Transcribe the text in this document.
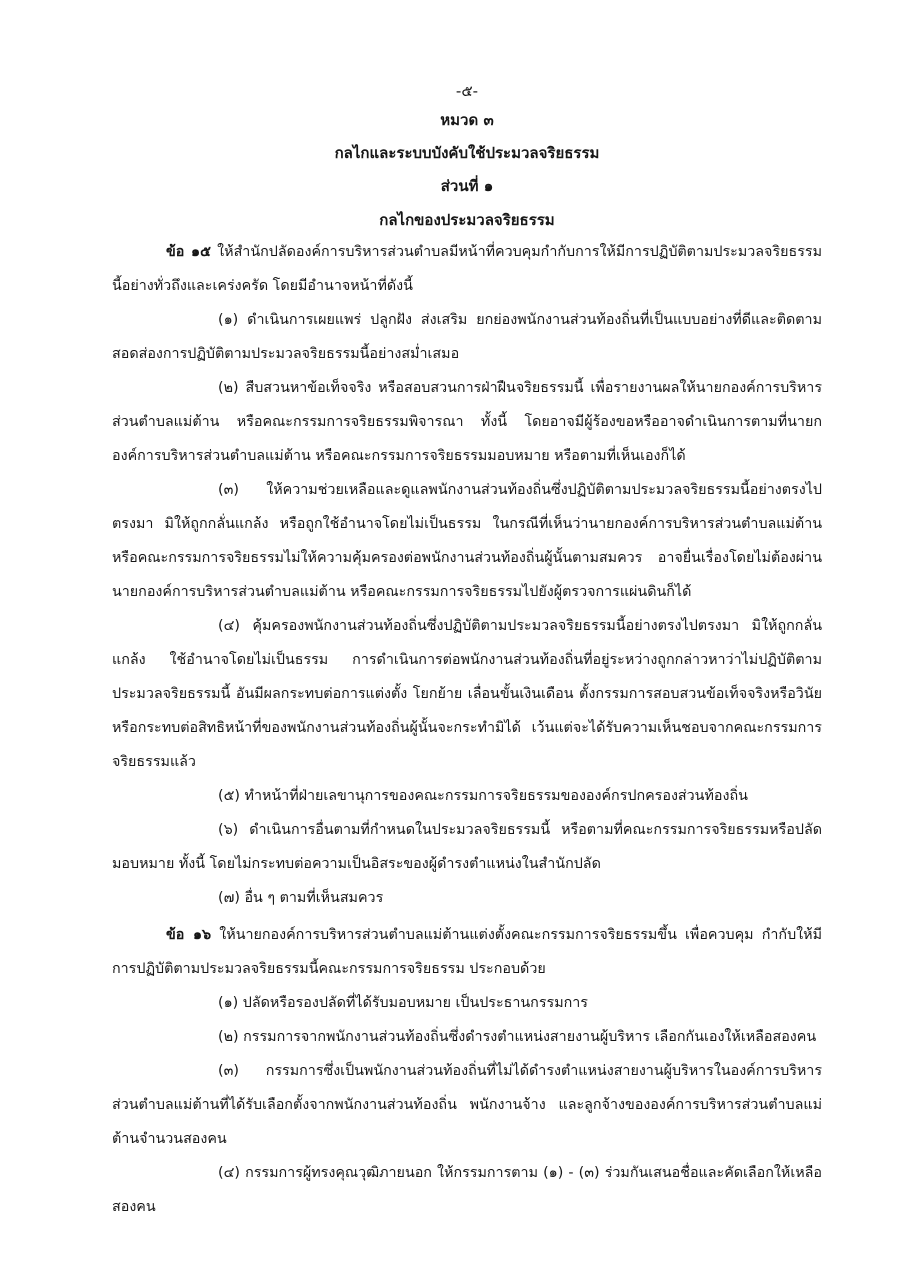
-๕-
หมวด ๓
กลไกและระบบบังคับใช้ประมวลจริยธรรม
ส่วนที่ ๑
กลไกของประมวลจริยธรรม

ข้อ ๑๕ ให้สำนักปลัดองค์การบริหารส่วนตำบลมีหน้าที่ควบคุมกำกับการให้มีการปฏิบัติตามประมวลจริยธรรมนี้อย่างทั่วถึงและเคร่งครัด โดยมีอำนาจหน้าที่ดังนี้

(๑) ดำเนินการเผยแพร่ ปลูกฝัง ส่งเสริม ยกย่องพนักงานส่วนท้องถิ่นที่เป็นแบบอย่างที่ดีและติดตามสอดส่องการปฏิบัติตามประมวลจริยธรรมนี้อย่างสม่ำเสมอ

(๒) สืบสวนหาข้อเท็จจริง หรือสอบสวนการฝ่าฝืนจริยธรรมนี้ เพื่อรายงานผลให้นายกองค์การบริหารส่วนตำบลแม่ต้าน หรือคณะกรรมการจริยธรรมพิจารณา ทั้งนี้ โดยอาจมีผู้ร้องขอหรืออาจดำเนินการตามที่นายกองค์การบริหารส่วนตำบลแม่ต้าน หรือคณะกรรมการจริยธรรมมอบหมาย หรือตามที่เห็นเองก็ได้

(๓) ให้ความช่วยเหลือและดูแลพนักงานส่วนท้องถิ่นซึ่งปฏิบัติตามประมวลจริยธรรมนี้อย่างตรงไปตรงมา มิให้ถูกกลั่นแกล้ง หรือถูกใช้อำนาจโดยไม่เป็นธรรม ในกรณีที่เห็นว่านายกองค์การบริหารส่วนตำบลแม่ต้าน หรือคณะกรรมการจริยธรรมไม่ให้ความคุ้มครองต่อพนักงานส่วนท้องถิ่นผู้นั้นตามสมควร อาจยื่นเรื่องโดยไม่ต้องผ่านนายกองค์การบริหารส่วนตำบลแม่ต้าน หรือคณะกรรมการจริยธรรมไปยังผู้ตรวจการแผ่นดินก็ได้

(๔) คุ้มครองพนักงานส่วนท้องถิ่นซึ่งปฏิบัติตามประมวลจริยธรรมนี้อย่างตรงไปตรงมา มิให้ถูกกลั่นแกล้ง ใช้อำนาจโดยไม่เป็นธรรม การดำเนินการต่อพนักงานส่วนท้องถิ่นที่อยู่ระหว่างถูกกล่าวหาว่าไม่ปฏิบัติตามประมวลจริยธรรมนี้ อันมีผลกระทบต่อการแต่งตั้ง โยกย้าย เลื่อนขั้นเงินเดือน ตั้งกรรมการสอบสวนข้อเท็จจริงหรือวินัย หรือกระทบต่อสิทธิหน้าที่ของพนักงานส่วนท้องถิ่นผู้นั้นจะกระทำมิได้ เว้นแต่จะได้รับความเห็นชอบจากคณะกรรมการจริยธรรมแล้ว

(๕) ทำหน้าที่ฝ่ายเลขานุการของคณะกรรมการจริยธรรมขององค์กรปกครองส่วนท้องถิ่น

(๖) ดำเนินการอื่นตามที่กำหนดในประมวลจริยธรรมนี้ หรือตามที่คณะกรรมการจริยธรรมหรือปลัดมอบหมาย ทั้งนี้ โดยไม่กระทบต่อความเป็นอิสระของผู้ดำรงตำแหน่งในสำนักปลัด

(๗) อื่น ๆ ตามที่เห็นสมควร

ข้อ ๑๖ ให้นายกองค์การบริหารส่วนตำบลแม่ต้านแต่งตั้งคณะกรรมการจริยธรรมขึ้น เพื่อควบคุม กำกับให้มีการปฏิบัติตามประมวลจริยธรรมนี้คณะกรรมการจริยธรรม ประกอบด้วย

(๑) ปลัดหรือรองปลัดที่ได้รับมอบหมาย เป็นประธานกรรมการ

(๒) กรรมการจากพนักงานส่วนท้องถิ่นซึ่งดำรงตำแหน่งสายงานผู้บริหาร เลือกกันเองให้เหลือสองคน

(๓) กรรมการซึ่งเป็นพนักงานส่วนท้องถิ่นที่ไม่ได้ดำรงตำแหน่งสายงานผู้บริหารในองค์การบริหารส่วนตำบลแม่ต้านที่ได้รับเลือกตั้งจากพนักงานส่วนท้องถิ่น พนักงานจ้าง และลูกจ้างขององค์การบริหารส่วนตำบลแม่ต้านจำนวนสองคน

(๔) กรรมการผู้ทรงคุณวุฒิภายนอก ให้กรรมการตาม (๑) - (๓) ร่วมกันเสนอชื่อและคัดเลือกให้เหลือสองคน
